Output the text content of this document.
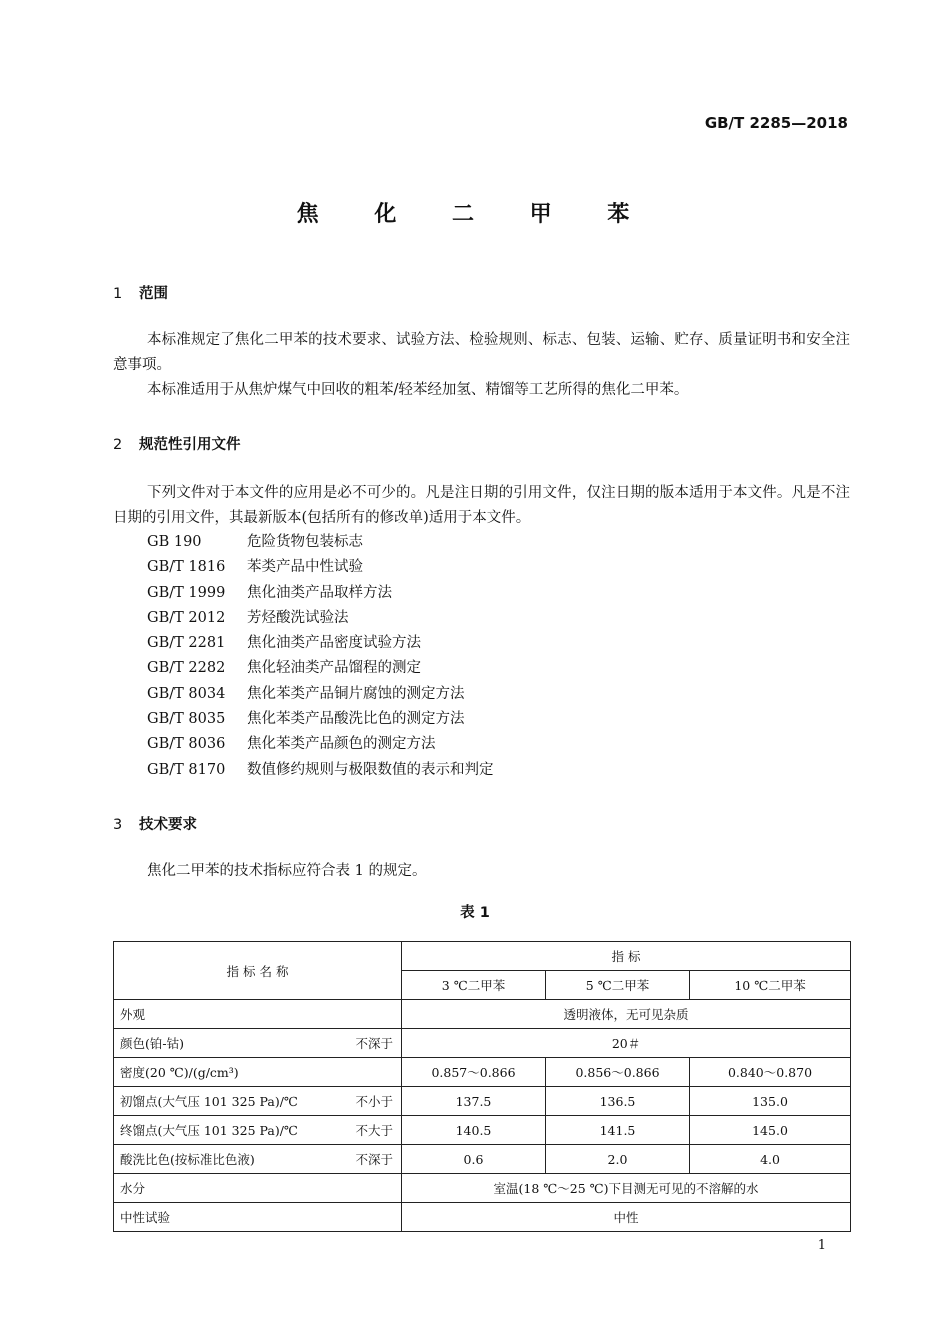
GB/T 2285—2018
焦 化 二 甲 苯
1 范围

本标准规定了焦化二甲苯的技术要求、试验方法、检验规则、标志、包装、运输、贮存、质量证明书和安全注意事项。

本标准适用于从焦炉煤气中回收的粗苯/轻苯经加氢、精馏等工艺所得的焦化二甲苯。

2 规范性引用文件

下列文件对于本文件的应用是必不可少的。凡是注日期的引用文件，仅注日期的版本适用于本文件。凡是不注日期的引用文件，其最新版本(包括所有的修改单)适用于本文件。

GB 190	危险货物包装标志
GB/T 1816 苯类产品中性试验
GB/T 1999 焦化油类产品取样方法
GB/T 2012 芳烃酸洗试验法
GB/T 2281 焦化油类产品密度试验方法
GB/T 2282 焦化轻油类产品馏程的测定
GB/T 8034 焦化苯类产品铜片腐蚀的测定方法
GB/T 8035 焦化苯类产品酸洗比色的测定方法
GB/T 8036 焦化苯类产品颜色的测定方法
GB/T 8170 数值修约规则与极限数值的表示和判定
3 技术要求

焦化二甲苯的技术指标应符合表 1 的规定。

表 1
指 标 名 称	指 标		
	3 ℃二甲苯	5 ℃二甲苯	10 ℃二甲苯
外观	透明液体，无可见杂质		
颜色(铂-钴) 不深于	20＃		
密度(20 ℃)/(g/cm³)	0.857～0.866	0.856～0.866	0.840～0.870
初馏点(大气压 101 325 Pa)/℃ 不小于	137.5	136.5	135.0
终馏点(大气压 101 325 Pa)/℃ 不大于	140.5	141.5	145.0
酸洗比色(按标准比色液) 不深于	0.6	2.0	4.0
水分	室温(18 ℃～25 ℃)下目测无可见的不溶解的水		
中性试验	中性		
1
